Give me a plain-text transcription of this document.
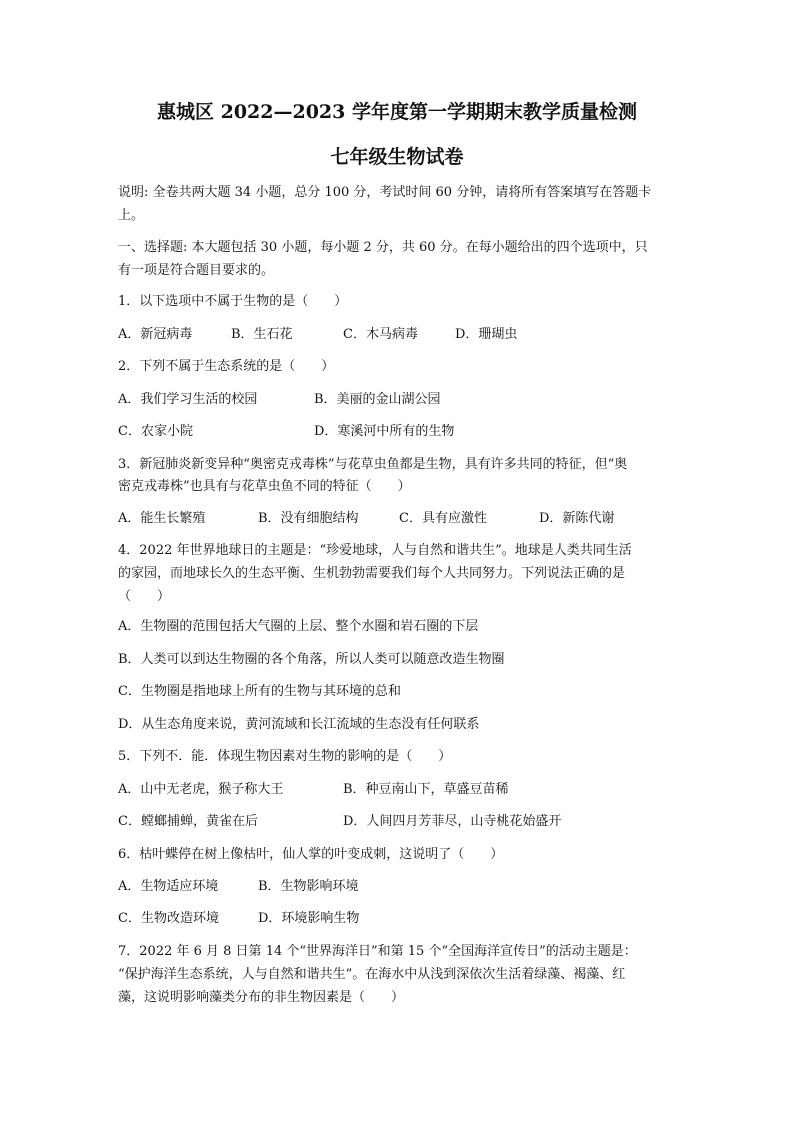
惠城区 2022—2023 学年度第一学期期末教学质量检测
七年级生物试卷
说明: 全卷共两大题 34 小题，总分 100 分，考试时间 60 分钟，请将所有答案填写在答题卡
上。
一、选择题: 本大题包括 30 小题，每小题 2 分，共 60 分。在每小题给出的四个选项中，只
有一项是符合题目要求的。
1．以下选项中不属于生物的是（　　）
A．新冠病毒	B．生石花	C．木马病毒	D．珊瑚虫
2．下列不属于生态系统的是（　　）
A．我们学习生活的校园	B．美丽的金山湖公园
C．农家小院	D．寒溪河中所有的生物
3．新冠肺炎新变异种“奥密克戎毒株”与花草虫鱼都是生物，具有许多共同的特征，但“奥
密克戎毒株”也具有与花草虫鱼不同的特征（　　）
A．能生长繁殖	B．没有细胞结构	C．具有应激性	D．新陈代谢
4．2022 年世界地球日的主题是：“珍爱地球，人与自然和谐共生”。地球是人类共同生活
的家园，而地球长久的生态平衡、生机勃勃需要我们每个人共同努力。下列说法正确的是
（　　）
A．生物圈的范围包括大气圈的上层、整个水圈和岩石圈的下层
B．人类可以到达生物圈的各个角落，所以人类可以随意改造生物圈
C．生物圈是指地球上所有的生物与其环境的总和
D．从生态角度来说，黄河流域和长江流域的生态没有任何联系
5．下列不．能．体现生物因素对生物的影响的是（　　）
A．山中无老虎，猴子称大王	B．种豆南山下，草盛豆苗稀
C．螳螂捕蝉，黄雀在后	D．人间四月芳菲尽，山寺桃花始盛开
6．枯叶蝶停在树上像枯叶，仙人掌的叶变成刺，这说明了（　　）
A．生物适应环境	B．生物影响环境
C．生物改造环境	D．环境影响生物
7．2022 年 6 月 8 日第 14 个“世界海洋日”和第 15 个“全国海洋宣传日”的活动主题是：
“保护海洋生态系统，人与自然和谐共生”。在海水中从浅到深依次生活着绿藻、褐藻、红
藻，这说明影响藻类分布的非生物因素是（　　）
